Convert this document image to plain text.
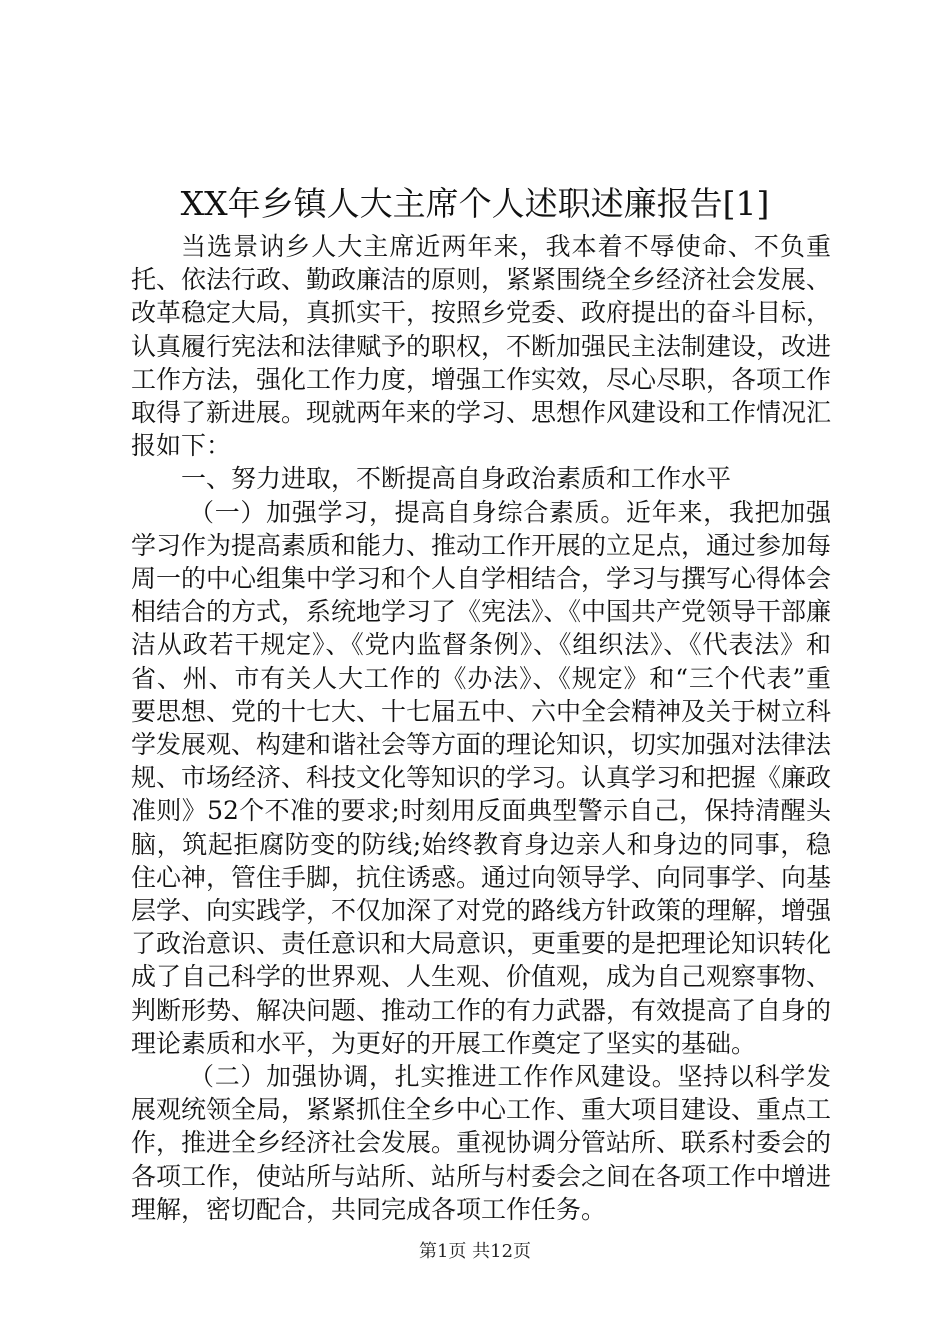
XX年乡镇人大主席个人述职述廉报告[1]

当选景讷乡人大主席近两年来，我本着不辱使命、不负重托、依法行政、勤政廉洁的原则，紧紧围绕全乡经济社会发展、改革稳定大局，真抓实干，按照乡党委、政府提出的奋斗目标，认真履行宪法和法律赋予的职权，不断加强民主法制建设，改进工作方法，强化工作力度，增强工作实效，尽心尽职，各项工作取得了新进展。现就两年来的学习、思想作风建设和工作情况汇报如下：

一、努力进取，不断提高自身政治素质和工作水平

（一）加强学习，提高自身综合素质。近年来，我把加强学习作为提高素质和能力、推动工作开展的立足点，通过参加每周一的中心组集中学习和个人自学相结合，学习与撰写心得体会相结合的方式，系统地学习了《宪法》、《中国共产党领导干部廉洁从政若干规定》、《党内监督条例》、《组织法》、《代表法》和省、州、市有关人大工作的《办法》、《规定》和“三个代表”重要思想、党的十七大、十七届五中、六中全会精神及关于树立科学发展观、构建和谐社会等方面的理论知识，切实加强对法律法规、市场经济、科技文化等知识的学习。认真学习和把握《廉政准则》52个不准的要求;时刻用反面典型警示自己，保持清醒头脑，筑起拒腐防变的防线;始终教育身边亲人和身边的同事，稳住心神，管住手脚，抗住诱惑。通过向领导学、向同事学、向基层学、向实践学，不仅加深了对党的路线方针政策的理解，增强了政治意识、责任意识和大局意识，更重要的是把理论知识转化成了自己科学的世界观、人生观、价值观，成为自己观察事物、判断形势、解决问题、推动工作的有力武器，有效提高了自身的理论素质和水平，为更好的开展工作奠定了坚实的基础。

（二）加强协调，扎实推进工作作风建设。坚持以科学发展观统领全局，紧紧抓住全乡中心工作、重大项目建设、重点工作，推进全乡经济社会发展。重视协调分管站所、联系村委会的各项工作，使站所与站所、站所与村委会之间在各项工作中增进理解，密切配合，共同完成各项工作任务。

第1页 共12页
